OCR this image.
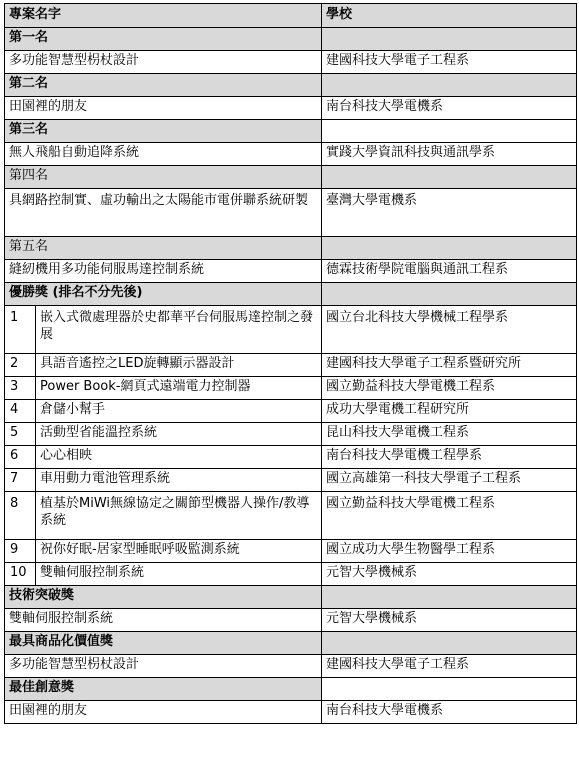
專案名字		學校
第一名		
多功能智慧型枴杖設計		建國科技大學電子工程系
第二名		
田園裡的朋友		南台科技大學電機系
第三名		
無人飛船自動追降系統		實踐大學資訊科技與通訊學系
第四名		
具網路控制實、虛功輸出之太陽能市電併聯系統研製		臺灣大學電機系
第五名		
縫紉機用多功能伺服馬達控制系統		德霖技術學院電腦與通訊工程系
優勝獎 (排名不分先後)		
1	嵌入式微處理器於史都華平台伺服馬達控制之發展	國立台北科技大學機械工程學系
2	具語音遙控之LED旋轉顯示器設計	建國科技大學電子工程系暨研究所
3	Power Book-網頁式遠端電力控制器	國立勤益科技大學電機工程系
4	倉儲小幫手	成功大學電機工程研究所
5	活動型省能溫控系統	昆山科技大學電機工程系
6	心心相映	南台科技大學電機工程學系
7	車用動力電池管理系統	國立高雄第一科技大學電子工程系
8	植基於MiWi無線協定之關節型機器人操作/教導系統	國立勤益科技大學電機工程系
9	祝你好眠-居家型睡眠呼吸監測系統	國立成功大學生物醫學工程系
10	雙軸伺服控制系統	元智大學機械系
技術突破獎		
雙軸伺服控制系統		元智大學機械系
最具商品化價值獎		
多功能智慧型枴杖設計		建國科技大學電子工程系
最佳創意獎		
田園裡的朋友		南台科技大學電機系
